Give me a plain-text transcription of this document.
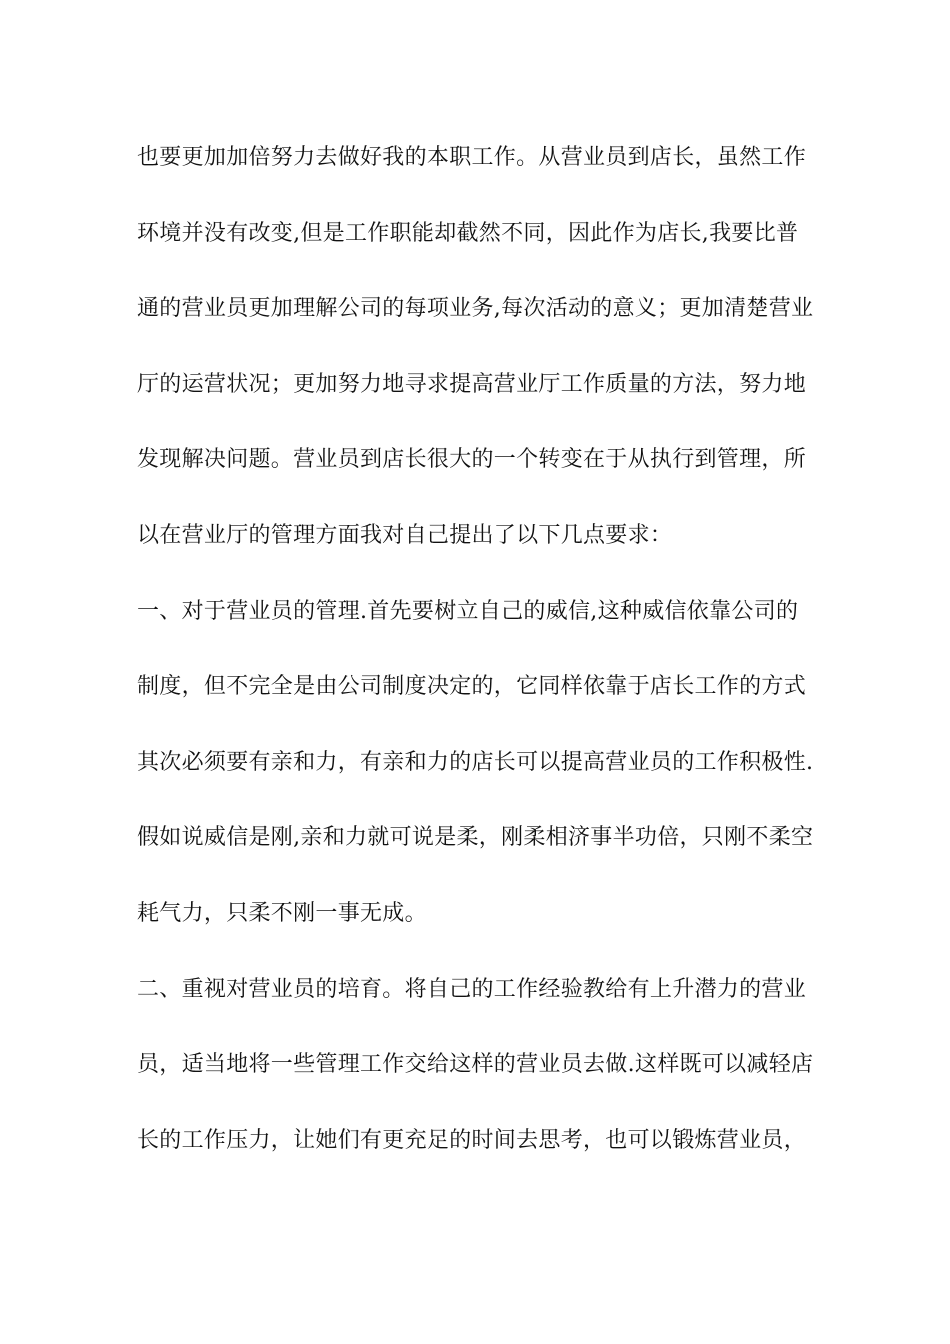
也要更加加倍努力去做好我的本职工作。从营业员到店长，虽然工作
环境并没有改变,但是工作职能却截然不同，因此作为店长,我要比普
通的营业员更加理解公司的每项业务,每次活动的意义；更加清楚营业
厅的运营状况；更加努力地寻求提高营业厅工作质量的方法，努力地
发现解决问题。营业员到店长很大的一个转变在于从执行到管理，所
以在营业厅的管理方面我对自己提出了以下几点要求：
一、对于营业员的管理.首先要树立自己的威信,这种威信依靠公司的
制度，但不完全是由公司制度决定的，它同样依靠于店长工作的方式
其次必须要有亲和力，有亲和力的店长可以提高营业员的工作积极性.
假如说威信是刚,亲和力就可说是柔，刚柔相济事半功倍，只刚不柔空
耗气力，只柔不刚一事无成。
二、重视对营业员的培育。将自己的工作经验教给有上升潜力的营业
员，适当地将一些管理工作交给这样的营业员去做.这样既可以减轻店
长的工作压力，让她们有更充足的时间去思考，也可以锻炼营业员，
